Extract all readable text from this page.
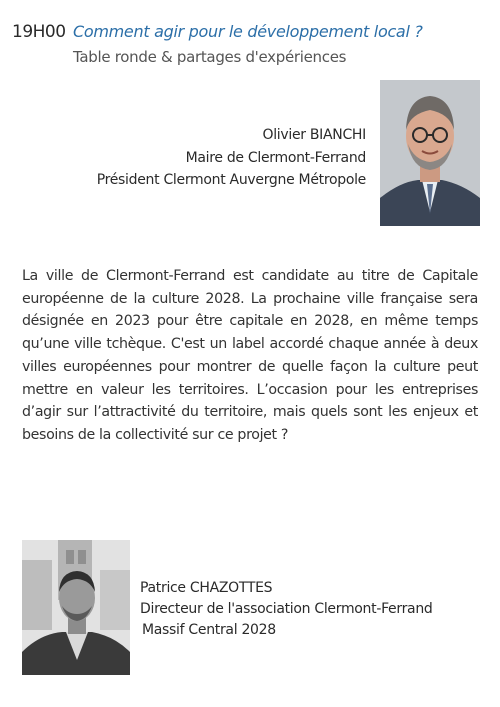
19H00 Comment agir pour le développement local ?
Table ronde & partages d'expériences
Olivier BIANCHI
Maire de Clermont-Ferrand
Président Clermont Auvergne Métropole
La ville de Clermont-Ferrand est candidate au titre de Capitale européenne de la culture 2028. La prochaine ville française sera désignée en 2023 pour être capitale en 2028, en même temps qu’une ville tchèque. C'est un label accordé chaque année à deux villes européennes pour montrer de quelle façon la culture peut mettre en valeur les territoires. L’occasion pour les entreprises d’agir sur l’attractivité du territoire, mais quels sont les enjeux et besoins de la collectivité sur ce projet ?
Patrice CHAZOTTES
Directeur de l'association Clermont-Ferrand
Massif Central 2028
